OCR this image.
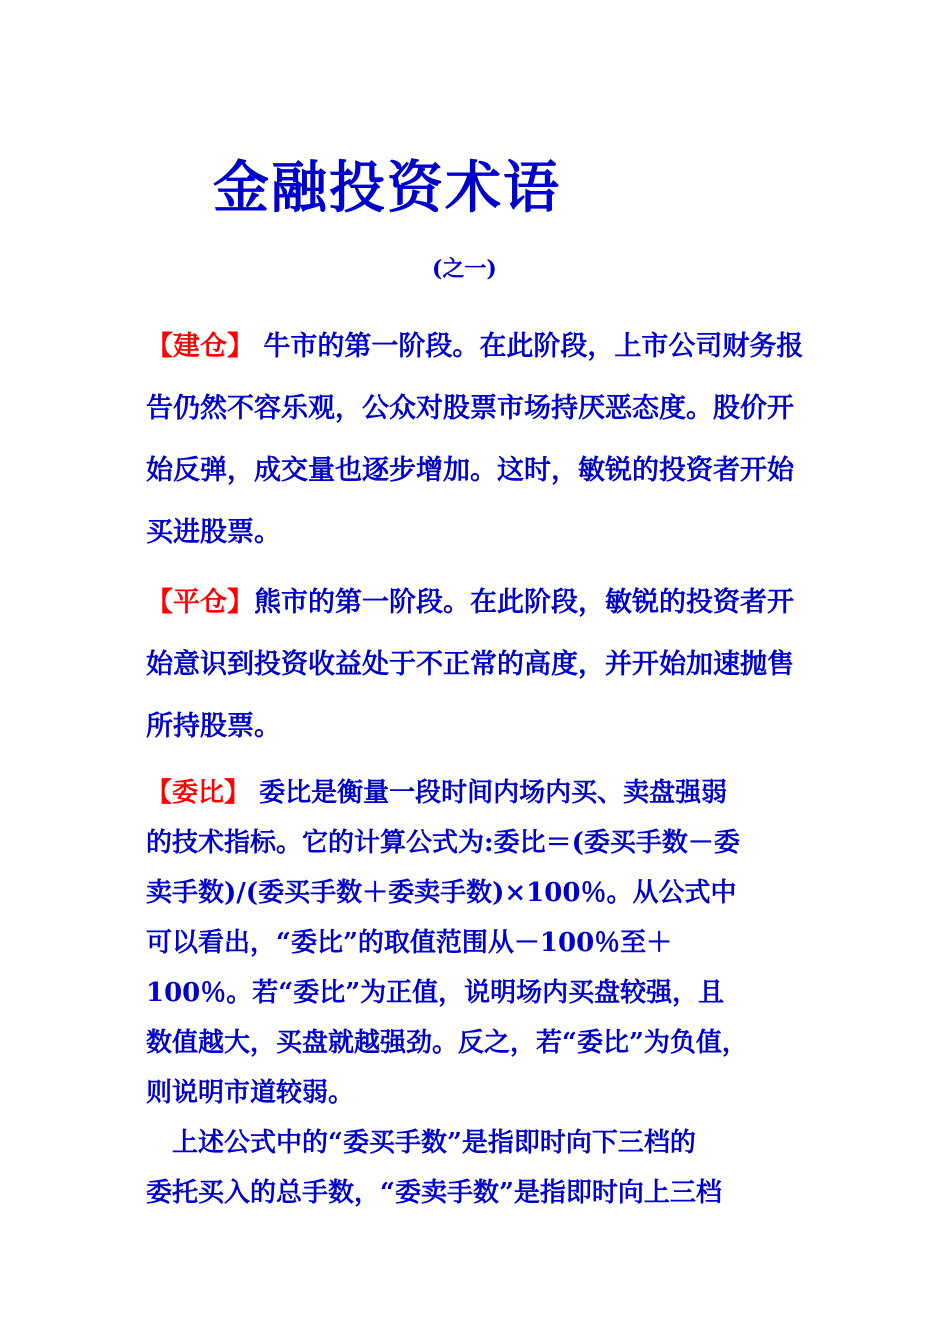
金融投资术语
(之一)
【建仓】 牛市的第一阶段。在此阶段，上市公司财务报
告仍然不容乐观，公众对股票市场持厌恶态度。股价开
始反弹，成交量也逐步增加。这时，敏锐的投资者开始
买进股票。
【平仓】熊市的第一阶段。在此阶段，敏锐的投资者开
始意识到投资收益处于不正常的高度，并开始加速抛售
所持股票。
【委比】 委比是衡量一段时间内场内买、卖盘强弱
的技术指标。它的计算公式为:委比＝(委买手数－委
卖手数)/(委买手数＋委卖手数)×100％。从公式中
可以看出，“委比”的取值范围从－100％至＋
100％。若“委比”为正值，说明场内买盘较强，且
数值越大，买盘就越强劲。反之，若“委比”为负值，
则说明市道较弱。
　上述公式中的“委买手数”是指即时向下三档的
委托买入的总手数，“委卖手数”是指即时向上三档
